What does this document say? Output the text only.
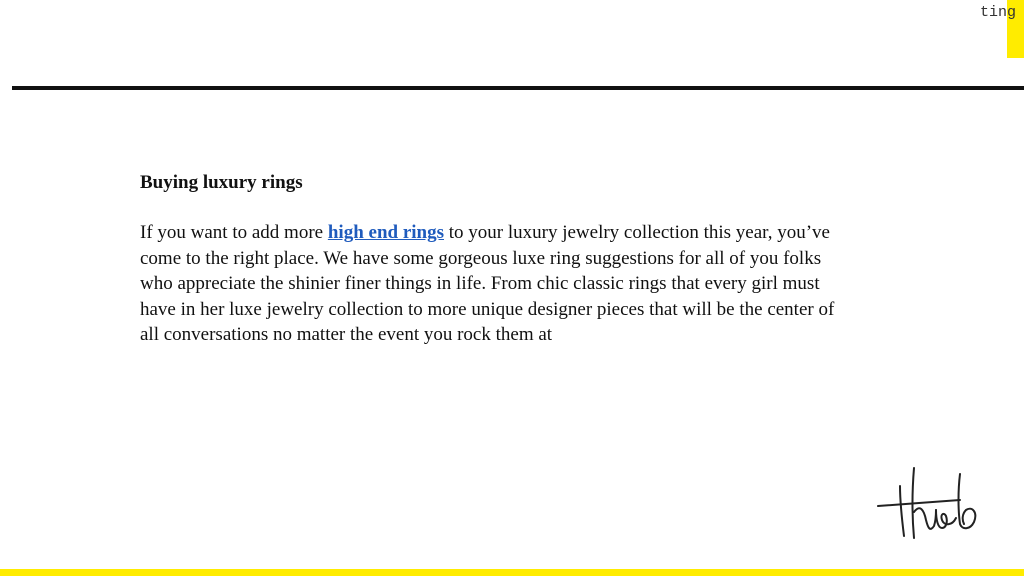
ting
Buying luxury rings

If you want to add more high end rings to your luxury jewelry collection this year, you’ve come to the right place. We have some gorgeous luxe ring suggestions for all of you folks who appreciate the shinier finer things in life. From chic classic rings that every girl must have in her luxe jewelry collection to more unique designer pieces that will be the center of all conversations no matter the event you rock them at
